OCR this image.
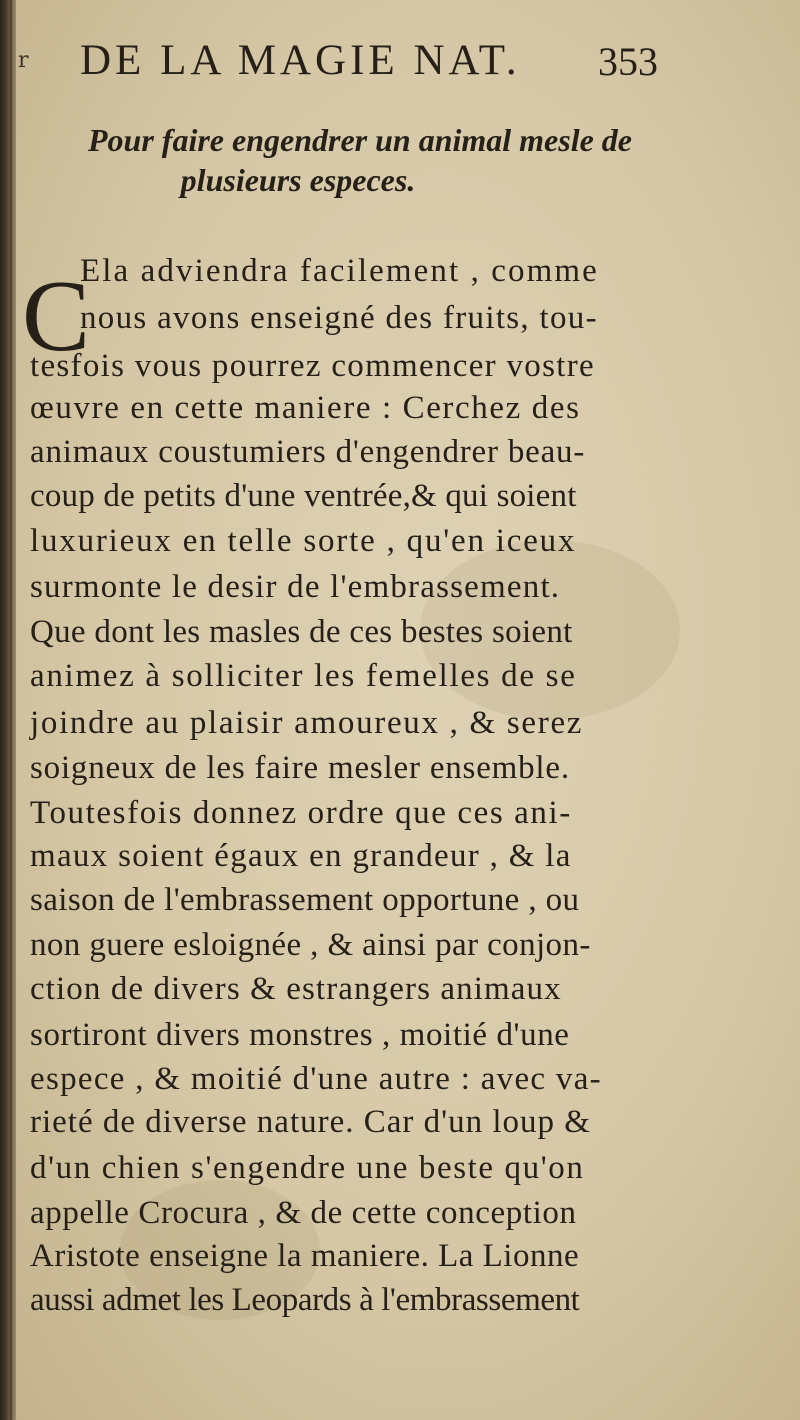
r DE LA MAGIE NAT. 353
Pour faire engendrer un animal mesle de
plusieurs especes.
C
Ela adviendra facilement , comme
nous avons enseigné des fruits, tou-
tesfois vous pourrez commencer vostre
œuvre en cette maniere : Cerchez des
animaux coustumiers d'engendrer beau-
coup de petits d'une ventrée,& qui soient
luxurieux en telle sorte , qu'en iceux
surmonte le desir de l'embrassement.
Que dont les masles de ces bestes soient
animez à solliciter les femelles de se
joindre au plaisir amoureux , & serez
soigneux de les faire mesler ensemble.
Toutesfois donnez ordre que ces ani-
maux soient égaux en grandeur , & la
saison de l'embrassement opportune , ou
non guere esloignée , & ainsi par conjon-
ction de divers & estrangers animaux
sortiront divers monstres , moitié d'une
espece , & moitié d'une autre : avec va-
rieté de diverse nature. Car d'un loup &
d'un chien s'engendre une beste qu'on
appelle Crocura , & de cette conception
Aristote enseigne la maniere. La Lionne
aussi admet les Leopards à l'embrassement
